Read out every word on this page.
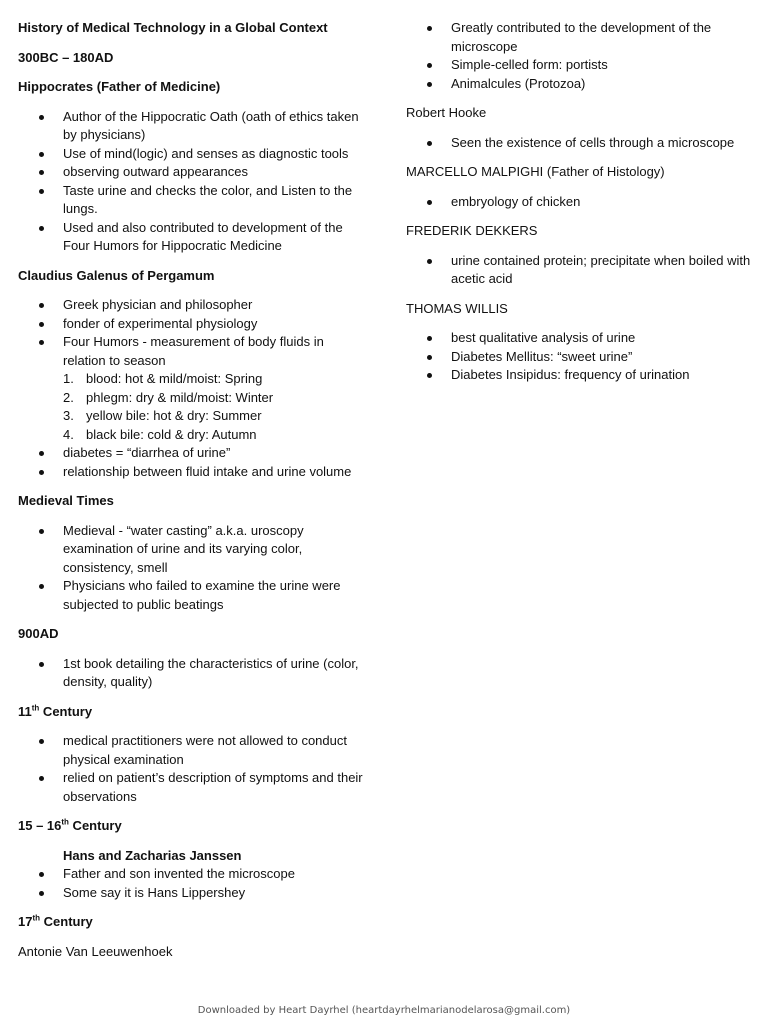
History of Medical Technology in a Global Context
300BC – 180AD
Hippocrates (Father of Medicine)
Author of the Hippocratic Oath (oath of ethics taken by physicians)
Use of mind(logic) and senses as diagnostic tools
observing outward appearances
Taste urine and checks the color, and Listen to the lungs.
Used and also contributed to development of the Four Humors for Hippocratic Medicine
Claudius Galenus of Pergamum
Greek physician and philosopher
fonder of experimental physiology
Four Humors - measurement of body fluids in relation to season
1. blood: hot & mild/moist: Spring
2. phlegm: dry & mild/moist: Winter
3. yellow bile: hot & dry: Summer
4. black bile: cold & dry: Autumn
diabetes = “diarrhea of urine”
relationship between fluid intake and urine volume
Medieval Times
Medieval - “water casting” a.k.a. uroscopy examination of urine and its varying color, consistency, smell
Physicians who failed to examine the urine were subjected to public beatings
900AD
1st book detailing the characteristics of urine (color, density, quality)
11th Century
medical practitioners were not allowed to conduct physical examination
relied on patient’s description of symptoms and their observations
15 – 16th Century
Hans and Zacharias Janssen
Father and son invented the microscope
Some say it is Hans Lippershey
17th Century
Antonie Van Leeuwenhoek
Greatly contributed to the development of the microscope
Simple-celled form: portists
Animalcules (Protozoa)
Robert Hooke
Seen the existence of cells through a microscope
MARCELLO MALPIGHI (Father of Histology)
embryology of chicken
FREDERIK DEKKERS
urine contained protein; precipitate when boiled with acetic acid
THOMAS WILLIS
best qualitative analysis of urine
Diabetes Mellitus: “sweet urine”
Diabetes Insipidus: frequency of urination
Downloaded by Heart Dayrhel (heartdayrhelmarianodelarosa@gmail.com)
